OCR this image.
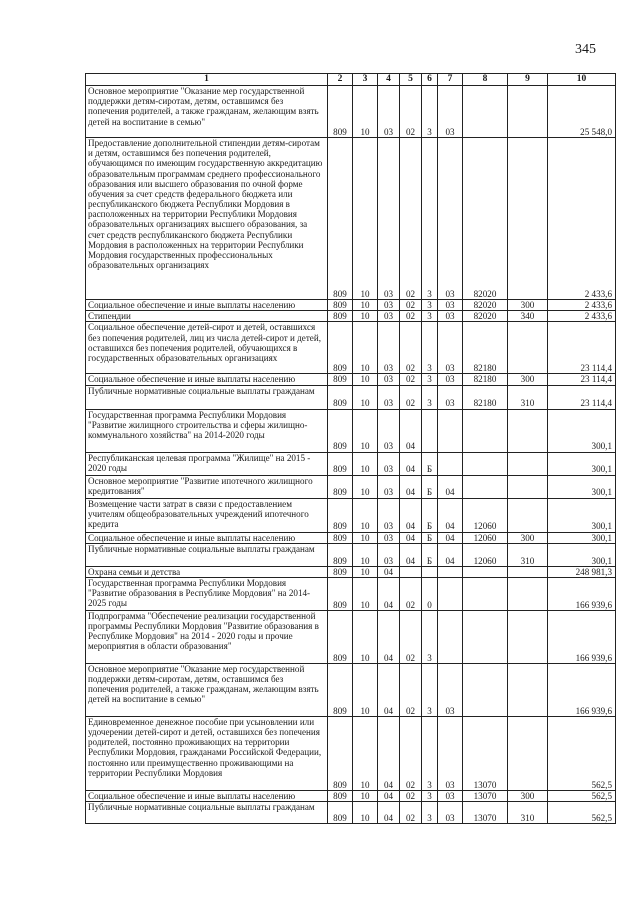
345
1	2	3	4	5	6	7	8	9	10
Основное мероприятие "Оказание мер государственной поддержки детям-сиротам, детям, оставшимся без попечения родителей, а также гражданам, желающим взять детей на воспитание в семью"	809	10	03	02	3	03			25 548,0
Предоставление дополнительной стипендии детям-сиротам и детям, оставшимся без попечения родителей, обучающимся по имеющим государственную аккредитацию образовательным программам среднего профессионального образования или высшего образования по очной форме обучения за счет средств федерального бюджета или республиканского бюджета Республики Мордовия в расположенных на территории Республики Мордовия образовательных организациях высшего образования, за счет средств республиканского бюджета Республики Мордовия в расположенных на территории Республики Мордовия государственных профессиональных образовательных организациях	809	10	03	02	3	03	82020		2 433,6
Социальное обеспечение и иные выплаты населению	809	10	03	02	3	03	82020	300	2 433,6
Стипендии	809	10	03	02	3	03	82020	340	2 433,6
Социальное обеспечение детей-сирот и детей, оставшихся без попечения родителей, лиц из числа детей-сирот и детей, оставшихся без попечения родителей, обучающихся в государственных образовательных организациях	809	10	03	02	3	03	82180		23 114,4
Социальное обеспечение и иные выплаты населению	809	10	03	02	3	03	82180	300	23 114,4
Публичные нормативные социальные выплаты гражданам	809	10	03	02	3	03	82180	310	23 114,4
Государственная программа Республики Мордовия "Развитие жилищного строительства и сферы жилищно-коммунального хозяйства" на 2014-2020 годы	809	10	03	04					300,1
Республиканская целевая программа "Жилище" на 2015 - 2020 годы	809	10	03	04	Б				300,1
Основное мероприятие "Развитие ипотечного жилищного кредитования"	809	10	03	04	Б	04			300,1
Возмещение части затрат в связи с предоставлением учителям общеобразовательных учреждений ипотечного кредита	809	10	03	04	Б	04	12060		300,1
Социальное обеспечение и иные выплаты населению	809	10	03	04	Б	04	12060	300	300,1
Публичные нормативные социальные выплаты гражданам	809	10	03	04	Б	04	12060	310	300,1
Охрана семьи и детства	809	10	04						248 981,3
Государственная программа Республики Мордовия "Развитие образования в Республике Мордовия" на 2014-2025 годы	809	10	04	02	0				166 939,6
Подпрограмма "Обеспечение реализации государственной программы Республики Мордовия "Развитие образования в Республике Мордовия" на 2014 - 2020 годы и прочие мероприятия в области образования"	809	10	04	02	3				166 939,6
Основное мероприятие "Оказание мер государственной поддержки детям-сиротам, детям, оставшимся без попечения родителей, а также гражданам, желающим взять детей на воспитание в семью"	809	10	04	02	3	03			166 939,6
Единовременное денежное пособие при усыновлении или удочерении детей-сирот и детей, оставшихся без попечения родителей, постоянно проживающих на территории Республики Мордовия, гражданами Российской Федерации, постоянно или преимущественно проживающими на территории Республики Мордовия	809	10	04	02	3	03	13070		562,5
Социальное обеспечение и иные выплаты населению	809	10	04	02	3	03	13070	300	562,5
Публичные нормативные социальные выплаты гражданам	809	10	04	02	3	03	13070	310	562,5
